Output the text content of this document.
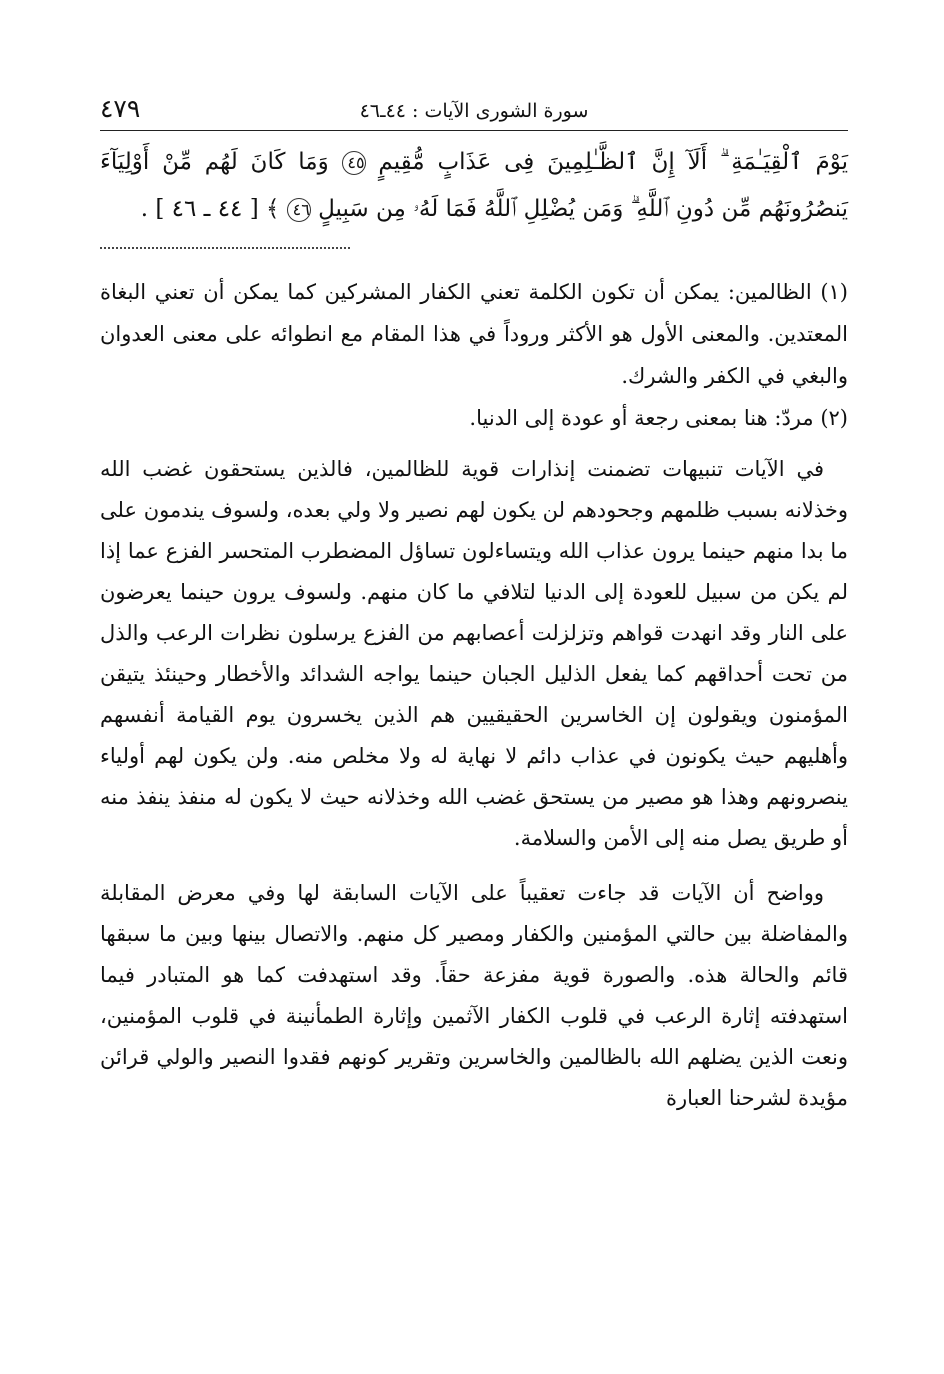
سورة الشورى الآيات : ٤٤ـ٤٦
٤٧٩
يَوْمَ ٱلْقِيَـٰمَةِ ۗ أَلَآ إِنَّ ٱلظَّـٰلِمِينَ فِى عَذَابٍ مُّقِيمٍ ٤٥ وَمَا كَانَ لَهُم مِّنْ أَوْلِيَآءَ يَنصُرُونَهُم مِّن دُونِ ٱللَّهِ ۗ وَمَن يُضْلِلِ ٱللَّهُ فَمَا لَهُۥ مِن سَبِيلٍ ٤٦ ﴾ [ ٤٤ ـ ٤٦ ] .

(١) الظالمين: يمكن أن تكون الكلمة تعني الكفار المشركين كما يمكن أن تعني البغاة المعتدين. والمعنى الأول هو الأكثر وروداً في هذا المقام مع انطوائه على معنى العدوان والبغي في الكفر والشرك.

(٢) مردّ: هنا بمعنى رجعة أو عودة إلى الدنيا.

في الآيات تنبيهات تضمنت إنذارات قوية للظالمين، فالذين يستحقون غضب الله وخذلانه بسبب ظلمهم وجحودهم لن يكون لهم نصير ولا ولي بعده، ولسوف يندمون على ما بدا منهم حينما يرون عذاب الله ويتساءلون تساؤل المضطرب المتحسر الفزع عما إذا لم يكن من سبيل للعودة إلى الدنيا لتلافي ما كان منهم. ولسوف يرون حينما يعرضون على النار وقد انهدت قواهم وتزلزلت أعصابهم من الفزع يرسلون نظرات الرعب والذل من تحت أحداقهم كما يفعل الذليل الجبان حينما يواجه الشدائد والأخطار وحينئذ يتيقن المؤمنون ويقولون إن الخاسرين الحقيقيين هم الذين يخسرون يوم القيامة أنفسهم وأهليهم حيث يكونون في عذاب دائم لا نهاية له ولا مخلص منه. ولن يكون لهم أولياء ينصرونهم وهذا هو مصير من يستحق غضب الله وخذلانه حيث لا يكون له منفذ ينفذ منه أو طريق يصل منه إلى الأمن والسلامة.

وواضح أن الآيات قد جاءت تعقيباً على الآيات السابقة لها وفي معرض المقابلة والمفاضلة بين حالتي المؤمنين والكفار ومصير كل منهم. والاتصال بينها وبين ما سبقها قائم والحالة هذه. والصورة قوية مفزعة حقاً. وقد استهدفت كما هو المتبادر فيما استهدفته إثارة الرعب في قلوب الكفار الآثمين وإثارة الطمأنينة في قلوب المؤمنين، ونعت الذين يضلهم الله بالظالمين والخاسرين وتقرير كونهم فقدوا النصير والولي قرائن مؤيدة لشرحنا العبارة
